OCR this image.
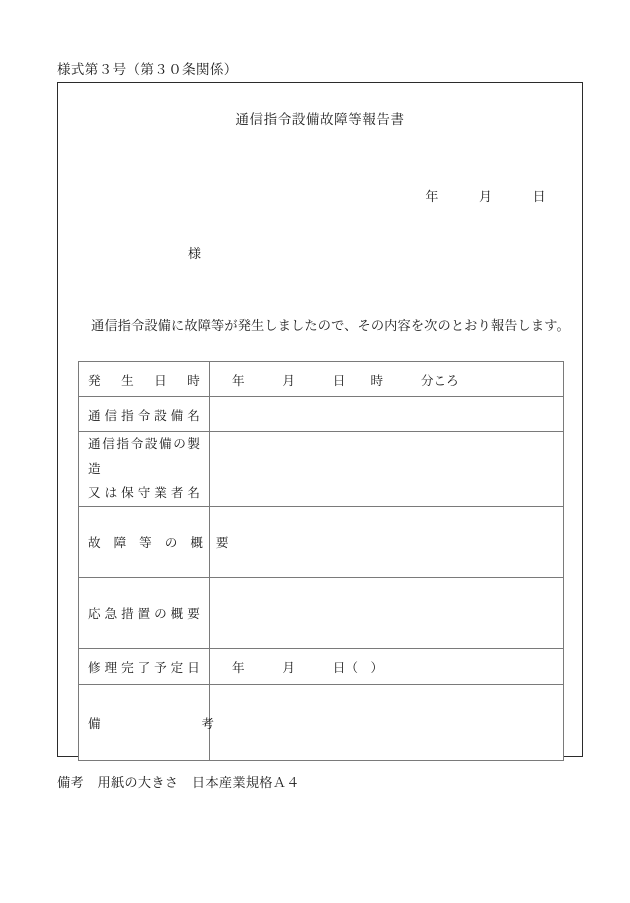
様式第３号（第３０条関係）
通信指令設備故障等報告書
年　　　月　　　日
様
通信指令設備に故障等が発生しましたので、その内容を次のとおり報告します。
発　生　日　時	年　　　月　　　日　　時　　　分ころ

通 信 指 令 設 備 名	

通信指令設備の製造
又 は 保 守 業 者 名	

故　障　等　の　概　要	

応 急 措 置 の 概 要	

修 理 完 了 予 定 日	年　　　月　　　日（　）

備　　　　　　　　考	

備考　用紙の大きさ　日本産業規格Ａ４
